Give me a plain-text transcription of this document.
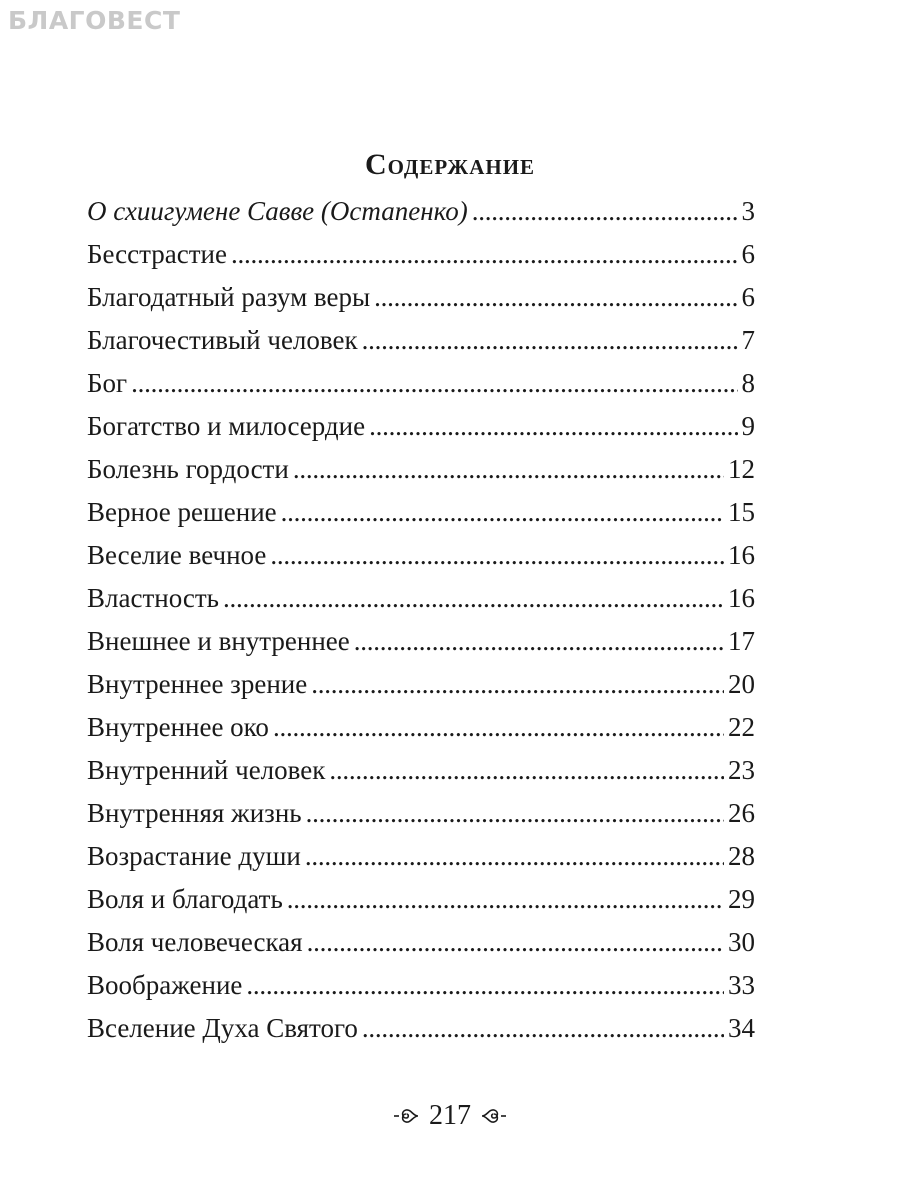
БЛАГОВЕСТ
Содержание
О схиигумене Савве (Остапенко) . . .	3
Бесстрастие . . .	6
Благодатный разум веры . . .	6
Благочестивый человек . . .	7
Бог . . .	8
Богатство и милосердие . . .	9
Болезнь гордости . . .	12
Верное решение . . .	15
Веселие вечное . . .	16
Властность . . .	16
Внешнее и внутреннее . . .	17
Внутреннее зрение . . .	20
Внутреннее око . . .	22
Внутренний человек . . .	23
Внутренняя жизнь . . .	26
Возрастание души . . .	28
Воля и благодать . . .	29
Воля человеческая . . .	30
Воображение . . .	33
Вселение Духа Святого . . .	34
217
